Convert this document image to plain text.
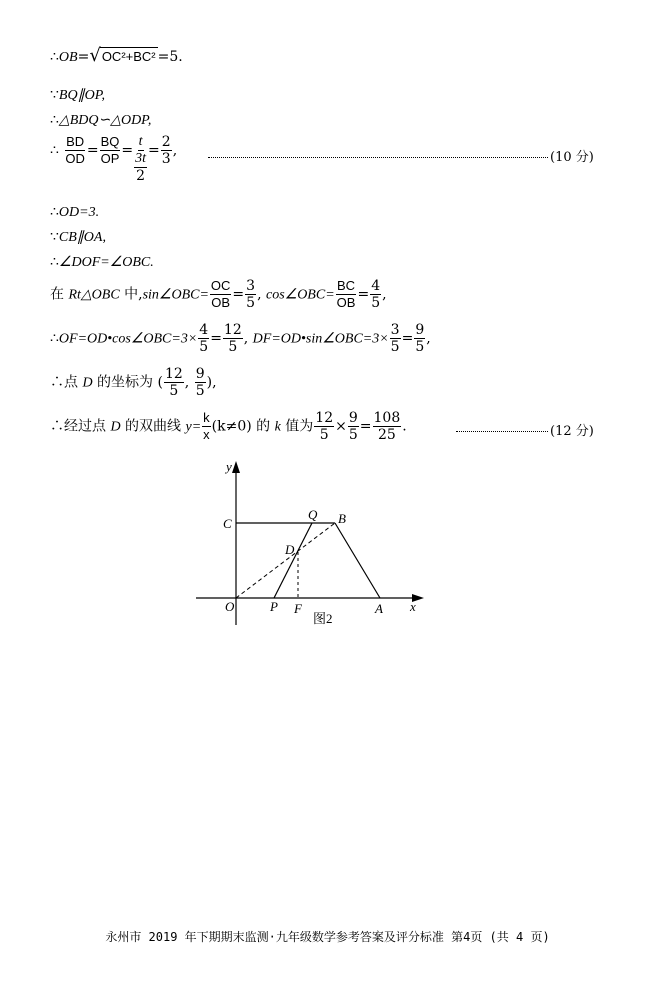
∴OB=√OC²+BC² =5.
∵BQ∥OP,
∴△BDQ∽△ODP,
∴ $\frac{BD}{OD} = \frac{BQ}{OP} = \frac{t}{\frac{3t}{2}} = \frac{2}{3}$ ,	(10 分)
∴OD=3.
∵CB∥OA,
∴∠DOF=∠OBC.
在 Rt△OBC 中,sin∠OBC= $\frac{OC}{OB} = \frac{3}{5}$ , cos∠OBC= $\frac{BC}{OB} = \frac{4}{5}$ ,
∴OF=OD•cos∠OBC=3× $\frac{4}{5} = \frac{12}{5}$ , DF=OD•sin∠OBC=3× $\frac{3}{5} = \frac{9}{5}$ ,
∴点 D 的坐标为 ( $\frac{12}{5}$ , $\frac{9}{5}$ ),
∴经过点 D 的双曲线 $y= \frac{k}{x} (k\ne 0)$ 的 k 值为 $\frac{12}{5} \times \frac{9}{5} = \frac{108}{25}$ .	(12 分)
y
x
C
Q B
D
O	P F	A
图2
永州市 2019 年下期期末监测·九年级数学参考答案及评分标准 第4页 (共 4 页)
